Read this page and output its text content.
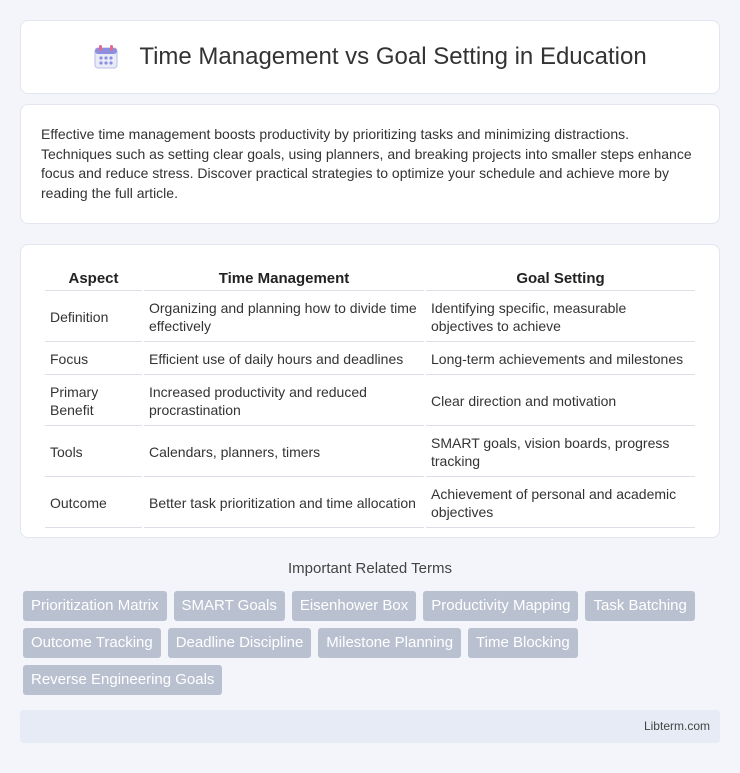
Time Management vs Goal Setting in Education

Effective time management boosts productivity by prioritizing tasks and minimizing distractions. Techniques such as setting clear goals, using planners, and breaking projects into smaller steps enhance focus and reduce stress. Discover practical strategies to optimize your schedule and achieve more by reading the full article.

Aspect	Time Management	Goal Setting
Definition	Organizing and planning how to divide time effectively	Identifying specific, measurable objectives to achieve
Focus	Efficient use of daily hours and deadlines	Long-term achievements and milestones
Primary Benefit	Increased productivity and reduced procrastination	Clear direction and motivation
Tools	Calendars, planners, timers	SMART goals, vision boards, progress tracking
Outcome	Better task prioritization and time allocation	Achievement of personal and academic objectives
Important Related Terms
Prioritization Matrix	SMART Goals	Eisenhower Box	Productivity Mapping	Task Batching
Outcome Tracking	Deadline Discipline	Milestone Planning	Time Blocking
Reverse Engineering Goals
Libterm.com
